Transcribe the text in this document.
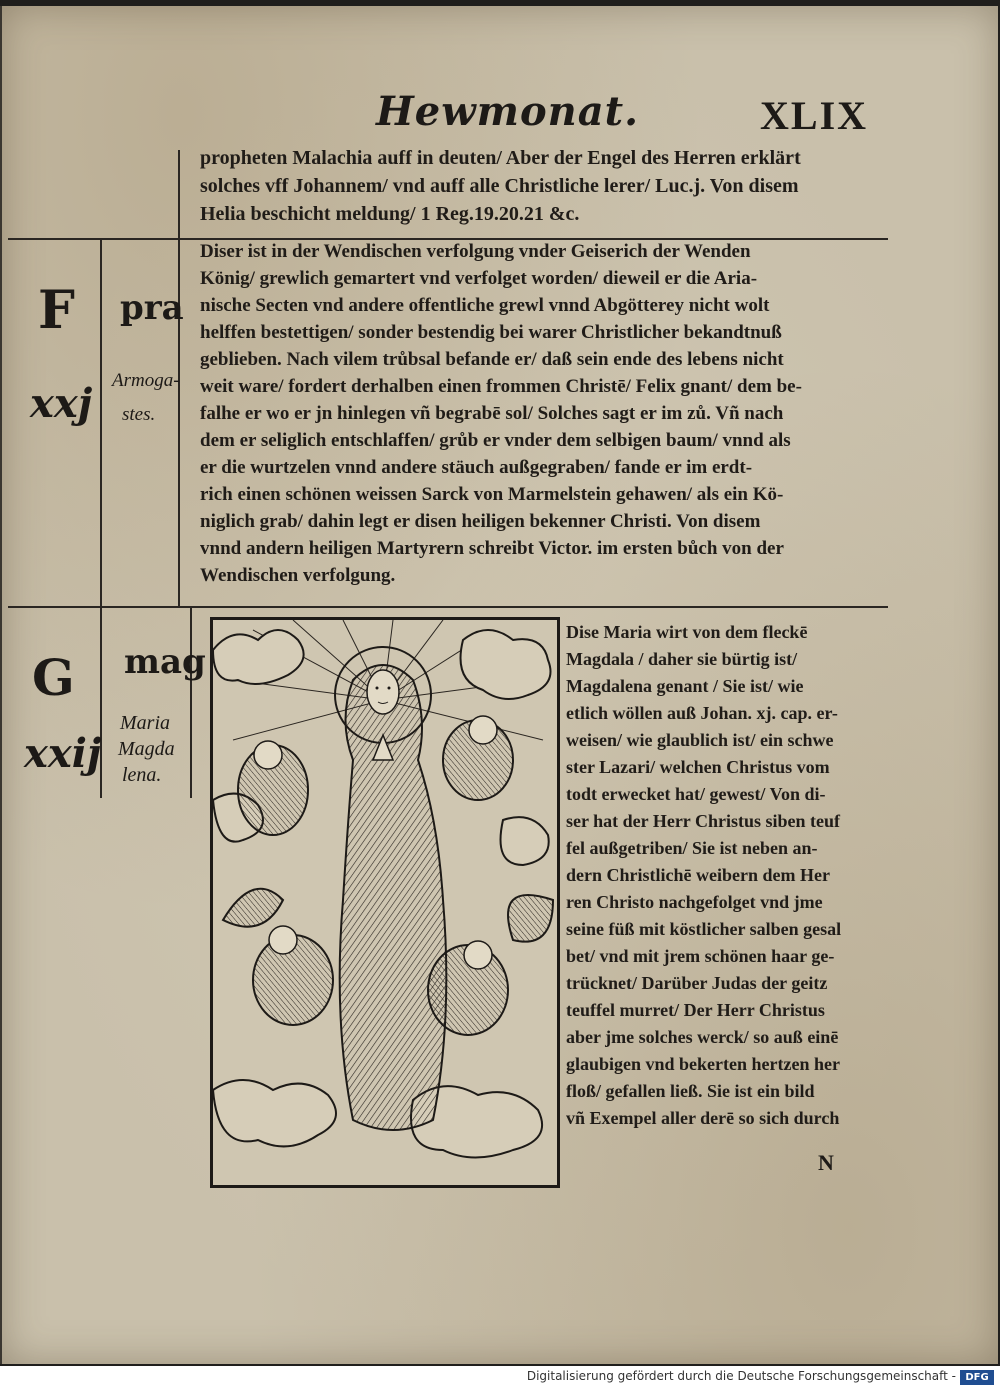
Hewmonat.	XLIX
propheten Malachia auff in deuten/ Aber der Engel des Herren erklärt
solches vff Johannem/ vnd auff alle Christliche lerer/ Luc.j. Von disem
Helia beschicht meldung/ 1 Reg.19.20.21 &c.
F
xxj
pra
Armoga-
stes.
Diser ist in der Wendischen verfolgung vnder Geiserich der Wenden
König/ grewlich gemartert vnd verfolget worden/ dieweil er die Aria-
nische Secten vnd andere offentliche grewl vnnd Abgötterey nicht wolt
helffen bestettigen/ sonder bestendig bei warer Christlicher bekandtnuß
geblieben. Nach vilem trůbsal befande er/ daß sein ende des lebens nicht
weit ware/ fordert derhalben einen frommen Christē/ Felix gnant/ dem be-
falhe er wo er jn hinlegen vñ begrabē sol/ Solches sagt er im zů. Vñ nach
dem er seliglich entschlaffen/ grůb er vnder dem selbigen baum/ vnnd als
er die wurtzelen vnnd andere stäuch außgegraben/ fande er im erdt-
rich einen schönen weissen Sarck von Marmelstein gehawen/ als ein Kö-
niglich grab/ dahin legt er disen heiligen bekenner Christi. Von disem
vnnd andern heiligen Martyrern schreibt Victor. im ersten bůch von der
Wendischen verfolgung.
G
xxij
mag
Maria
Magda
lena.
Dise Maria wirt von dem fleckē
Magdala / daher sie bürtig ist/
Magdalena genant / Sie ist/ wie
etlich wöllen auß Johan. xj. cap. er-
weisen/ wie glaublich ist/ ein schwe
ster Lazari/ welchen Christus vom
todt erwecket hat/ gewest/ Von di-
ser hat der Herr Christus siben teuf
fel außgetriben/ Sie ist neben an-
dern Christlichē weibern dem Her
ren Christo nachgefolget vnd jme
seine füß mit köstlicher salben gesal
bet/ vnd mit jrem schönen haar ge-
trücknet/ Darüber Judas der geitz
teuffel murret/ Der Herr Christus
aber jme solches werck/ so auß einē
glaubigen vnd bekerten hertzen her
floß/ gefallen ließ. Sie ist ein bild
vñ Exempel aller derē so sich durch
N
Digitalisierung gefördert durch die Deutsche Forschungsgemeinschaft - DFG
